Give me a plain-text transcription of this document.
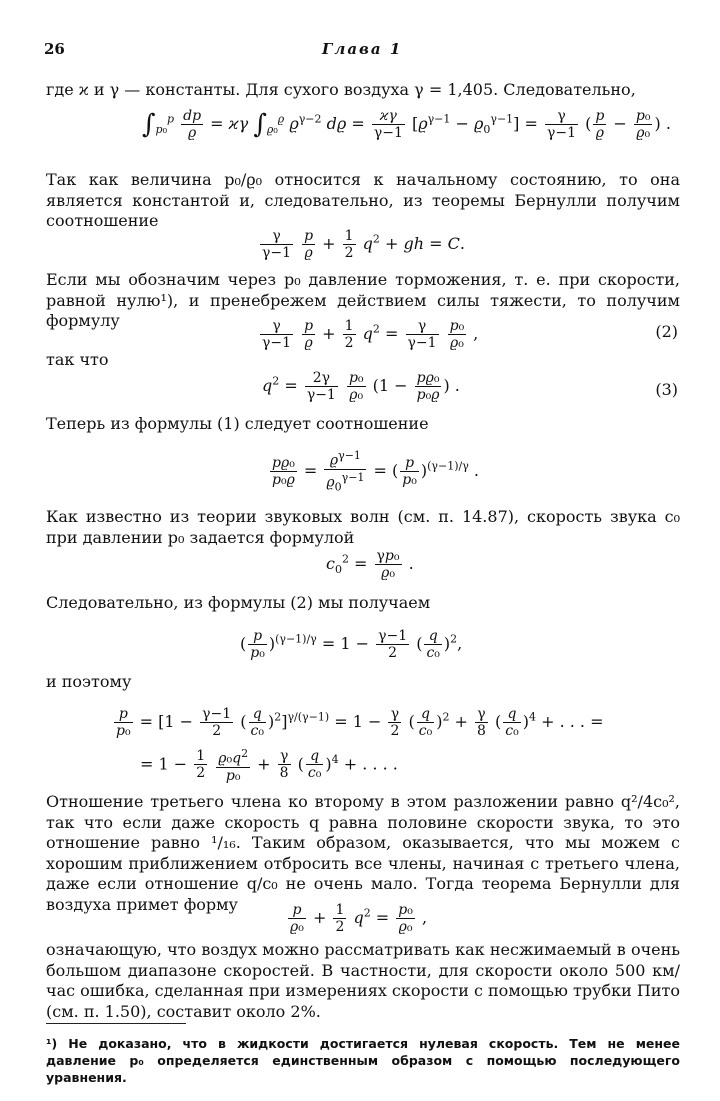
26	Глава 1
где ϰ и γ — константы. Для сухого воздуха γ = 1,405. Следовательно,
$\int_{p_0}^p \frac{dp}{ϱ} = ϰ\gamma$ $\int_{ϱ_0}^ϱ$ $ϱ^{\gamma-2}$ $dϱ = \frac{ϰ\gamma}{\gamma-1} [ϱ^{\gamma-1} - ϱ_0^{\gamma-1}] = \frac{\gamma}{\gamma-1}$ ( $\frac{p}{ϱ} - \frac{\text{p₀}}{\text{ϱ₀}}$ ) .
Так как величина p₀/ϱ₀ относится к начальному состоянию, то она является константой и, следовательно, из теоремы Бернулли получим соотношение
$\frac{\gamma}{\gamma-1}$
$\frac{p}{ϱ} + \frac{1}{2} q^2$ + gh = C.
Если мы обозначим через p₀ давление торможения, т. е. при скорости, равной нулю¹), и пренебрежем действием силы тяжести, то получим формулу	$\frac{\gamma}{\gamma-1}$
$\frac{p}{ϱ} + \frac{1}{2} q^2 = \frac{\gamma}{\gamma-1}$
$\frac{\text{p₀}}{\text{ϱ₀}}$ ,	(2)
так что
$q^2 = \frac{2\gamma}{\gamma-1}$
$\frac{\text{p₀}}{\text{ϱ₀}} (1 - \frac{\text{pϱ₀}}{\text{p₀ϱ}}$ ) .	(3)
Теперь из формулы (1) следует соотношение
$\frac{\text{pϱ₀}}{\text{p₀ϱ}} = \frac{ϱ^{\gamma-1}}{ϱ_0^{\gamma-1}}$ = ( $\frac{p}{\text{p₀}} )^{(\gamma-1)/\gamma}$ .
Как известно из теории звуковых волн (см. п. 14.87), скорость звука c₀ при давлении p₀ задается формулой
$c_0^2 = \frac{\text{γp₀}}{\text{ϱ₀}}$ .
Следовательно, из формулы (2) мы получаем
( $\frac{p}{\text{p₀}} )^{(\gamma-1)/\gamma} = 1 - \frac{\gamma-1}{2}$ ( $\frac{q}{\text{c₀}} )^2$,
и поэтому
$\frac{p}{\text{p₀}} = [1 - \frac{\gamma-1}{2}$ ( $\frac{q}{\text{c₀}} )^2]^{\gamma/(\gamma-1)} = 1 - \frac{\gamma}{2}$ ( $\frac{q}{\text{c₀}} )^2 + \frac{\gamma}{8}$ ( $\frac{q}{\text{c₀}} )^4$ + . . . =
= $1 - \frac{1}{2}$
$\frac{ϱ_0q^2}{\text{p₀}} + \frac{\gamma}{8}$ ( $\frac{q}{\text{c₀}} )^4$ + . . . .
Отношение третьего члена ко второму в этом разложении равно q²/4c₀², так что если даже скорость q равна половине скорости звука, то это отношение равно ¹/₁₆. Таким образом, оказывается, что мы можем с хорошим приближением отбросить все члены, начиная с третьего члена, даже если отношение q/c₀ не очень мало. Тогда теорема Бернулли для воздуха примет форму	$\frac{p}{\text{ϱ₀}} + \frac{1}{2} q^2 = \frac{\text{p₀}}{\text{ϱ₀}}$ ,
означающую, что воздух можно рассматривать как несжимаемый в очень большом диапазоне скоростей. В частности, для скорости около 500 км/час ошибка, сделанная при измерениях скорости с помощью трубки Пито (см. п. 1.50), составит около 2%.
¹) Не доказано, что в жидкости достигается нулевая скорость. Тем не менее давление p₀ определяется единственным образом с помощью последующего уравнения.
